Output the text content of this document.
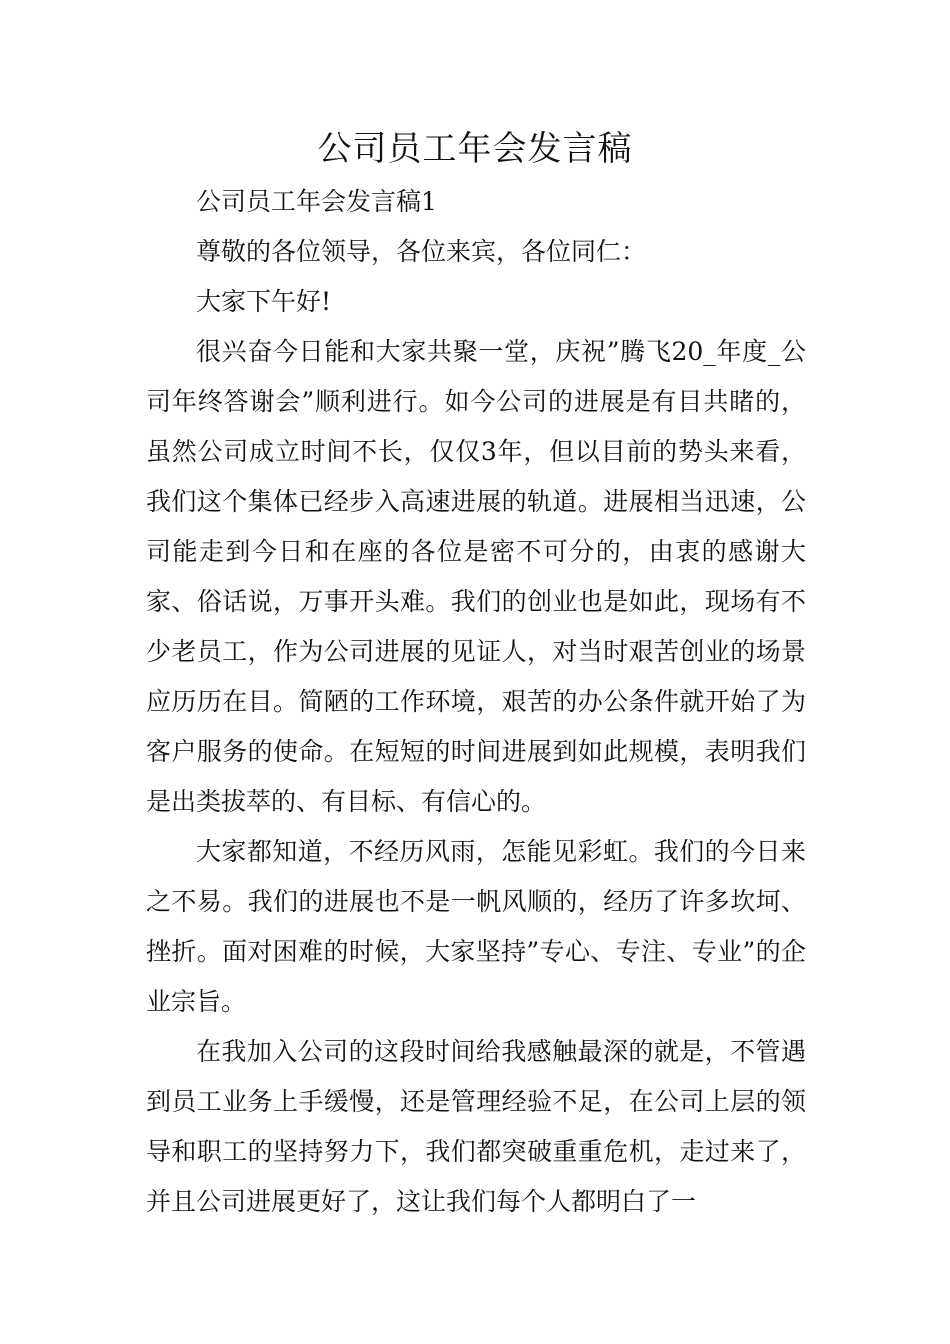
公司员工年会发言稿

公司员工年会发言稿1

尊敬的各位领导，各位来宾，各位同仁：

大家下午好!

很兴奋今日能和大家共聚一堂，庆祝”腾飞20_年度_公司年终答谢会”顺利进行。如今公司的进展是有目共睹的，虽然公司成立时间不长，仅仅3年，但以目前的势头来看，我们这个集体已经步入高速进展的轨道。进展相当迅速，公司能走到今日和在座的各位是密不可分的，由衷的感谢大家、俗话说，万事开头难。我们的创业也是如此，现场有不少老员工，作为公司进展的见证人，对当时艰苦创业的场景应历历在目。简陋的工作环境，艰苦的办公条件就开始了为客户服务的使命。在短短的时间进展到如此规模，表明我们是出类拔萃的、有目标、有信心的。

大家都知道，不经历风雨，怎能见彩虹。我们的今日来之不易。我们的进展也不是一帆风顺的，经历了许多坎坷、挫折。面对困难的时候，大家坚持”专心、专注、专业”的企业宗旨。

在我加入公司的这段时间给我感触最深的就是，不管遇到员工业务上手缓慢，还是管理经验不足，在公司上层的领导和职工的坚持努力下，我们都突破重重危机，走过来了，并且公司进展更好了，这让我们每个人都明白了一
